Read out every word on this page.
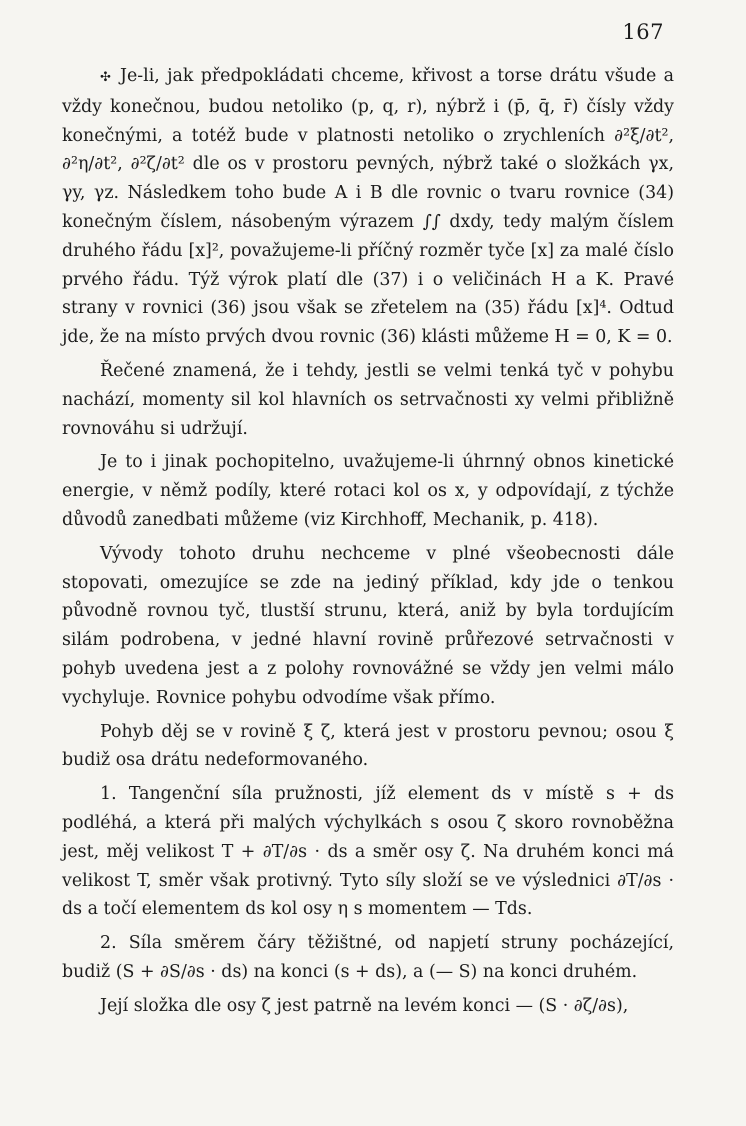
167

✣ Je-li, jak předpokládati chceme, křivost a torse drátu všude a vždy konečnou, budou netoliko (p, q, r), nýbrž i (p̄, q̄, r̄) čísly vždy konečnými, a totéž bude v platnosti netoliko o zrychleních ∂²ξ/∂t², ∂²η/∂t², ∂²ζ/∂t² dle os v prostoru pevných, nýbrž také o složkách γx, γy, γz. Následkem toho bude A i B dle rovnic o tvaru rovnice (34) konečným číslem, násobeným výrazem ∫∫ dxdy, tedy malým číslem druhého řádu [x]², považujeme-li příčný rozměr tyče [x] za malé číslo prvého řádu. Týž výrok platí dle (37) i o veličinách H a K. Pravé strany v rovnici (36) jsou však se zřetelem na (35) řádu [x]⁴. Odtud jde, že na místo prvých dvou rovnic (36) klásti můžeme H = 0, K = 0.

Řečené znamená, že i tehdy, jestli se velmi tenká tyč v pohybu nachází, momenty sil kol hlavních os setrvačnosti xy velmi přibližně rovnováhu si udržují.

Je to i jinak pochopitelno, uvažujeme-li úhrnný obnos kinetické energie, v němž podíly, které rotaci kol os x, y odpovídají, z týchže důvodů zanedbati můžeme (viz Kirchhoff, Mechanik, p. 418).

Vývody tohoto druhu nechceme v plné všeobecnosti dále stopovati, omezujíce se zde na jediný příklad, kdy jde o tenkou původně rovnou tyč, tlustší strunu, která, aniž by byla tordujícím silám podrobena, v jedné hlavní rovině průřezové setrvačnosti v pohyb uvedena jest a z polohy rovnovážné se vždy jen velmi málo vychyluje. Rovnice pohybu odvodíme však přímo.

Pohyb děj se v rovině ξ ζ, která jest v prostoru pevnou; osou ξ budiž osa drátu nedeformovaného.

1. Tangenční síla pružnosti, jíž element ds v místě s + ds podléhá, a která při malých výchylkách s osou ζ skoro rovnoběžna jest, měj velikost T + ∂T/∂s · ds a směr osy ζ. Na druhém konci má velikost T, směr však protivný. Tyto síly složí se ve výslednici ∂T/∂s · ds a točí elementem ds kol osy η s momentem — Tds.

2. Síla směrem čáry těžištné, od napjetí struny pocházející, budiž (S + ∂S/∂s · ds) na konci (s + ds), a (— S) na konci druhém.

Její složka dle osy ζ jest patrně na levém konci — (S · ∂ζ/∂s),
